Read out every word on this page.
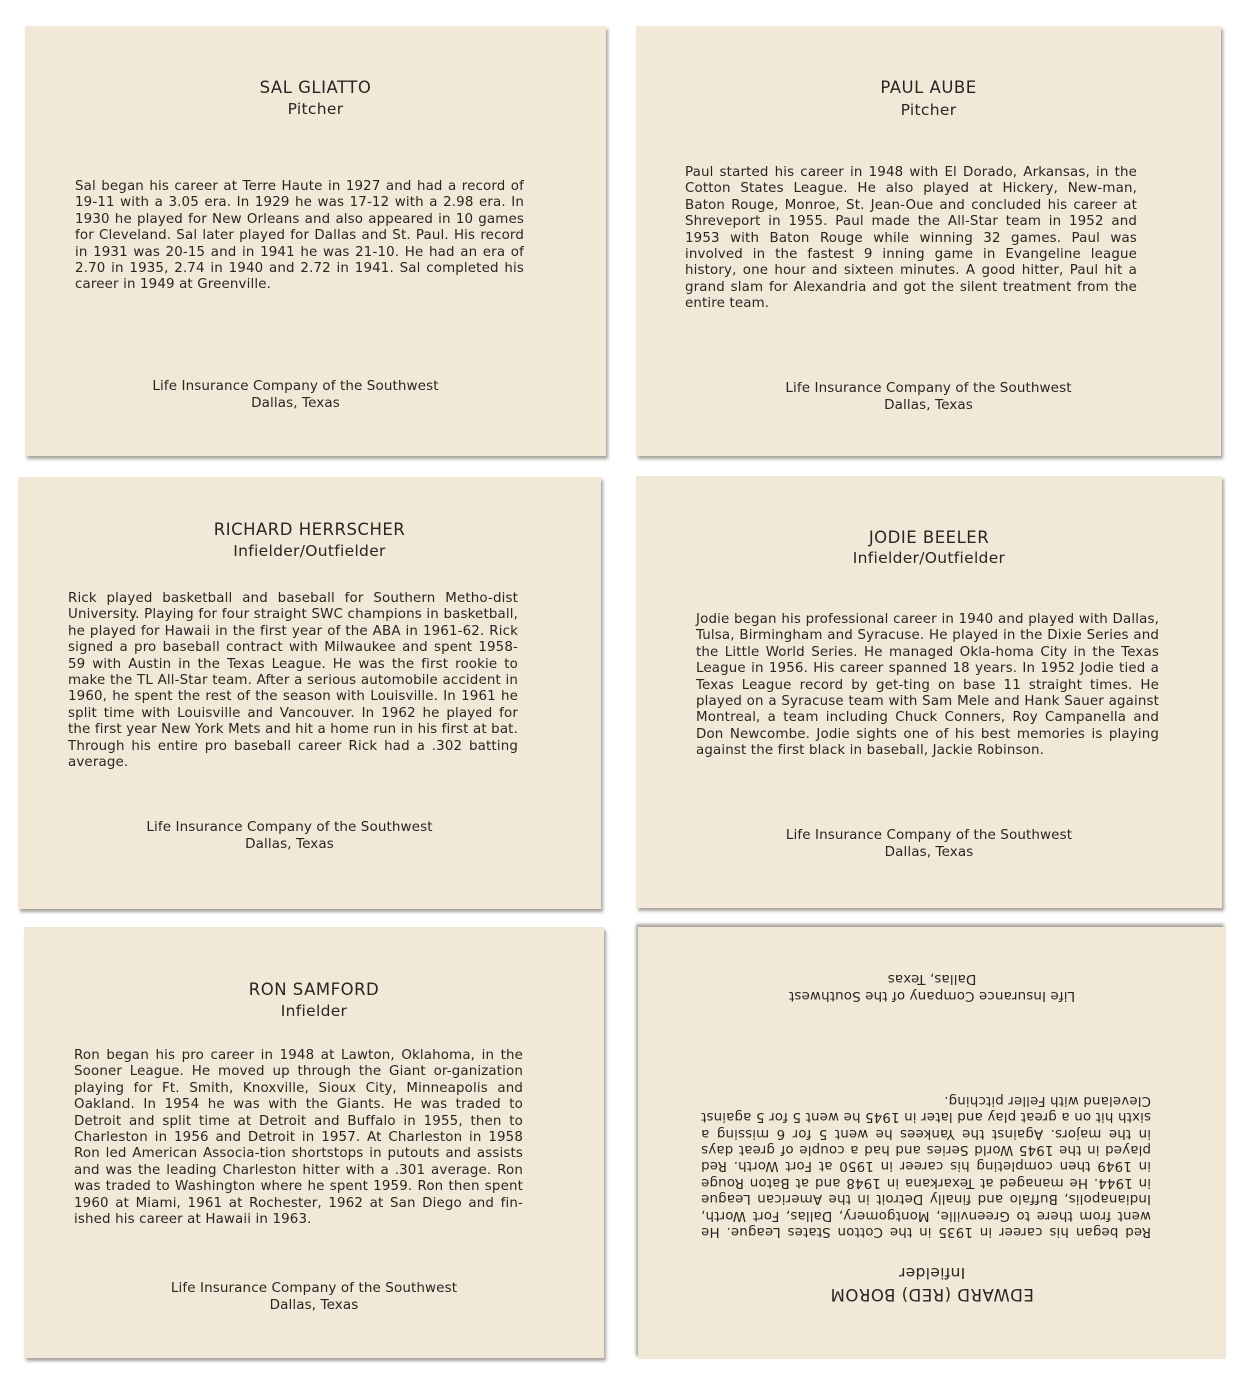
SAL GLIATTO
Pitcher
Sal began his career at Terre Haute in 1927 and had a record of 19-11 with a 3.05 era. In 1929 he was 17-12 with a 2.98 era. In 1930 he played for New Orleans and also appeared in 10 games for Cleveland. Sal later played for Dallas and St. Paul. His record in 1931 was 20-15 and in 1941 he was 21-10. He had an era of 2.70 in 1935, 2.74 in 1940 and 2.72 in 1941. Sal completed his career in 1949 at Greenville.
Life Insurance Company of the Southwest
Dallas, Texas
PAUL AUBE
Pitcher
Paul started his career in 1948 with El Dorado, Arkansas, in the Cotton States League. He also played at Hickery, New-man, Baton Rouge, Monroe, St. Jean-Oue and concluded his career at Shreveport in 1955. Paul made the All-Star team in 1952 and 1953 with Baton Rouge while winning 32 games. Paul was involved in the fastest 9 inning game in Evangeline league history, one hour and sixteen minutes. A good hitter, Paul hit a grand slam for Alexandria and got the silent treatment from the entire team.
Life Insurance Company of the Southwest
Dallas, Texas
RICHARD HERRSCHER
Infielder/Outfielder
Rick played basketball and baseball for Southern Metho-dist University. Playing for four straight SWC champions in basketball, he played for Hawaii in the first year of the ABA in 1961-62. Rick signed a pro baseball contract with Milwaukee and spent 1958-59 with Austin in the Texas League. He was the first rookie to make the TL All-Star team. After a serious automobile accident in 1960, he spent the rest of the season with Louisville. In 1961 he split time with Louisville and Vancouver. In 1962 he played for the first year New York Mets and hit a home run in his first at bat. Through his entire pro baseball career Rick had a .302 batting average.
Life Insurance Company of the Southwest
Dallas, Texas
JODIE BEELER
Infielder/Outfielder
Jodie began his professional career in 1940 and played with Dallas, Tulsa, Birmingham and Syracuse. He played in the Dixie Series and the Little World Series. He managed Okla-homa City in the Texas League in 1956. His career spanned 18 years. In 1952 Jodie tied a Texas League record by get-ting on base 11 straight times. He played on a Syracuse team with Sam Mele and Hank Sauer against Montreal, a team including Chuck Conners, Roy Campanella and Don Newcombe. Jodie sights one of his best memories is playing against the first black in baseball, Jackie Robinson.
Life Insurance Company of the Southwest
Dallas, Texas
RON SAMFORD
Infielder
Ron began his pro career in 1948 at Lawton, Oklahoma, in the Sooner League. He moved up through the Giant or-ganization playing for Ft. Smith, Knoxville, Sioux City, Minneapolis and Oakland. In 1954 he was with the Giants. He was traded to Detroit and split time at Detroit and Buffalo in 1955, then to Charleston in 1956 and Detroit in 1957. At Charleston in 1958 Ron led American Associa-tion shortstops in putouts and assists and was the leading Charleston hitter with a .301 average. Ron was traded to Washington where he spent 1959. Ron then spent 1960 at Miami, 1961 at Rochester, 1962 at San Diego and fin-ished his career at Hawaii in 1963.
Life Insurance Company of the Southwest
Dallas, Texas
EDWARD (RED) BOROM
Infielder
Red began his career in 1935 in the Cotton States League. He went from there to Greenville, Montgomery, Dallas, Fort Worth, Indianapolis, Buffalo and finally Detroit in the American League in 1944. He managed at Texarkana in 1948 and at Baton Rouge in 1949 then completing his career in 1950 at Fort Worth. Red played in the 1945 World Series and had a couple of great days in the majors. Against the Yankees he went 5 for 6 missing a sixth hit on a great play and later in 1945 he went 5 for 5 against Cleveland with Feller pitching.
Life Insurance Company of the Southwest
Dallas, Texas
